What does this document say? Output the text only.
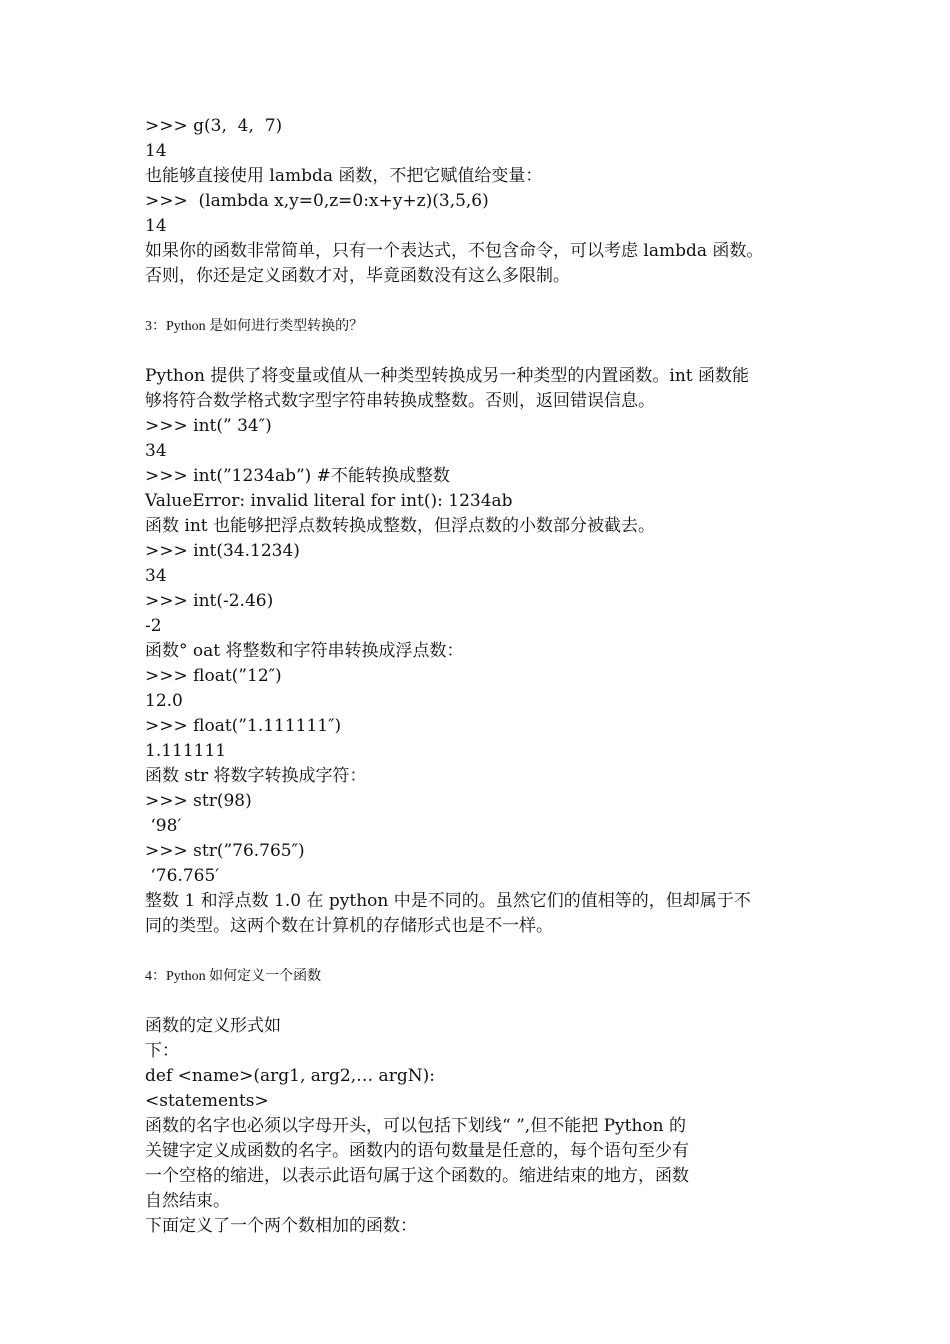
>>> g(3,  4,  7)
14
也能够直接使用 lambda 函数，不把它赋值给变量：
>>>  (lambda x,y=0,z=0:x+y+z)(3,5,6)
14
如果你的函数非常简单，只有一个表达式，不包含命令，可以考虑 lambda 函数。
否则，你还是定义函数才对，毕竟函数没有这么多限制。
3：Python 是如何进行类型转换的？
Python 提供了将变量或值从一种类型转换成另一种类型的内置函数。int 函数能
够将符合数学格式数字型字符串转换成整数。否则，返回错误信息。
>>> int(” 34″)
34
>>> int(”1234ab”) #不能转换成整数
ValueError: invalid literal for int(): 1234ab
函数 int 也能够把浮点数转换成整数，但浮点数的小数部分被截去。
>>> int(34.1234)
34
>>> int(-2.46)
-2
函数° oat 将整数和字符串转换成浮点数：
>>> float(”12″)
12.0
>>> float(”1.111111″)
1.111111
函数 str 将数字转换成字符：
>>> str(98)
‘98′
>>> str(”76.765″)
‘76.765′
整数 1 和浮点数 1.0 在 python 中是不同的。虽然它们的值相等的，但却属于不
同的类型。这两个数在计算机的存储形式也是不一样。
4：Python 如何定义一个函数
函数的定义形式如
下：
def <name>(arg1, arg2,… argN):
<statements>
函数的名字也必须以字母开头，可以包括下划线“ ”,但不能把 Python 的
关键字定义成函数的名字。函数内的语句数量是任意的，每个语句至少有
一个空格的缩进，以表示此语句属于这个函数的。缩进结束的地方，函数
自然结束。
下面定义了一个两个数相加的函数：
